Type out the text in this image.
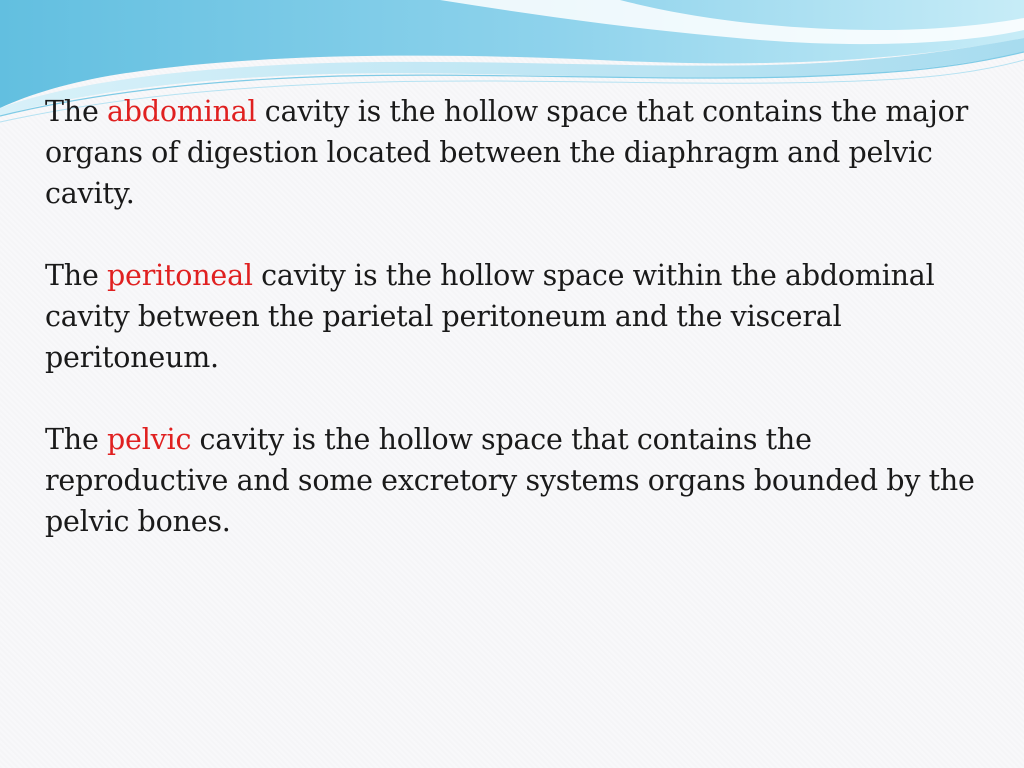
The abdominal cavity is the hollow space that contains the major organs of digestion located between the diaphragm and pelvic cavity.

The peritoneal cavity is the hollow space within the abdominal cavity between the parietal peritoneum and the visceral peritoneum.

The pelvic cavity is the hollow space that contains the reproductive and some excretory systems organs bounded by the pelvic bones.
